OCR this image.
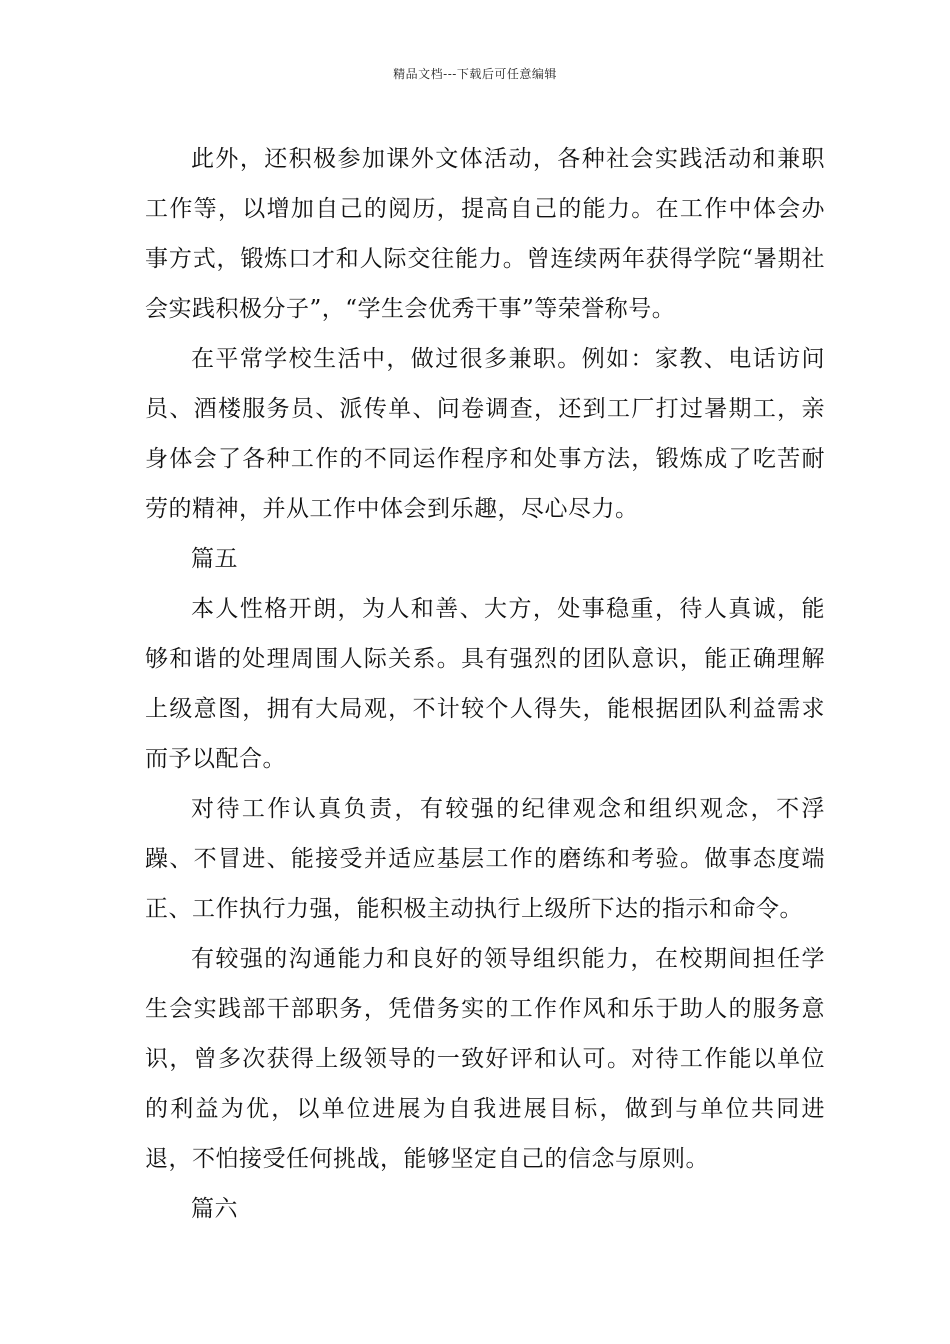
精品文档---下载后可任意编辑

此外，还积极参加课外文体活动，各种社会实践活动和兼职工作等，以增加自己的阅历，提高自己的能力。在工作中体会办事方式，锻炼口才和人际交往能力。曾连续两年获得学院“暑期社会实践积极分子”，“学生会优秀干事”等荣誉称号。

在平常学校生活中，做过很多兼职。例如：家教、电话访问员、酒楼服务员、派传单、问卷调查，还到工厂打过暑期工，亲身体会了各种工作的不同运作程序和处事方法，锻炼成了吃苦耐劳的精神，并从工作中体会到乐趣，尽心尽力。

篇五

本人性格开朗，为人和善、大方，处事稳重，待人真诚，能够和谐的处理周围人际关系。具有强烈的团队意识，能正确理解上级意图，拥有大局观，不计较个人得失，能根据团队利益需求而予以配合。

对待工作认真负责，有较强的纪律观念和组织观念，不浮躁、不冒进、能接受并适应基层工作的磨练和考验。做事态度端正、工作执行力强，能积极主动执行上级所下达的指示和命令。

有较强的沟通能力和良好的领导组织能力，在校期间担任学生会实践部干部职务，凭借务实的工作作风和乐于助人的服务意识，曾多次获得上级领导的一致好评和认可。对待工作能以单位的利益为优，以单位进展为自我进展目标，做到与单位共同进退，不怕接受任何挑战，能够坚定自己的信念与原则。

篇六
